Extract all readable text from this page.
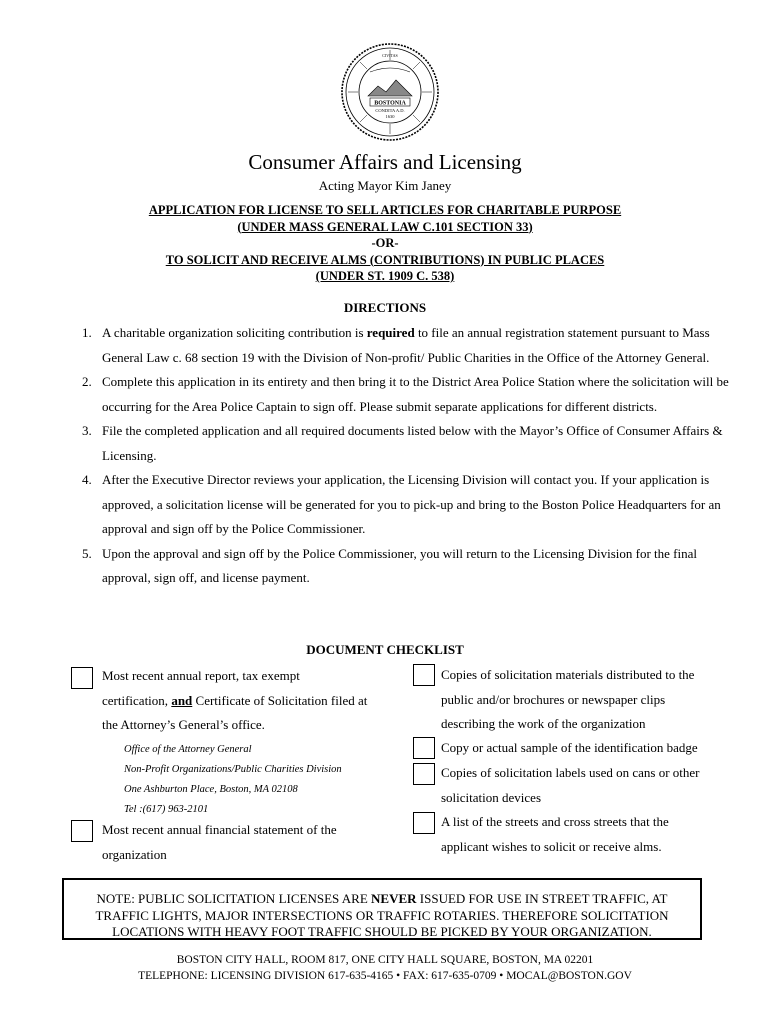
BOSTONIA
CONDITA A.D.
1630
CIVITAS
Consumer Affairs and Licensing
Acting Mayor Kim Janey
APPLICATION FOR LICENSE TO SELL ARTICLES FOR CHARITABLE PURPOSE
(UNDER MASS GENERAL LAW C.101 SECTION 33)
-OR-
TO SOLICIT AND RECEIVE ALMS (CONTRIBUTIONS) IN PUBLIC PLACES
(UNDER ST. 1909 C. 538)
DIRECTIONS
1. A charitable organization soliciting contribution is required to file an annual registration statement pursuant to Mass General Law c. 68 section 19 with the Division of Non-profit/ Public Charities in the Office of the Attorney General.
2. Complete this application in its entirety and then bring it to the District Area Police Station where the solicitation will be occurring for the Area Police Captain to sign off. Please submit separate applications for different districts.
3. File the completed application and all required documents listed below with the Mayor’s Office of Consumer Affairs & Licensing.
4. After the Executive Director reviews your application, the Licensing Division will contact you. If your application is approved, a solicitation license will be generated for you to pick-up and bring to the Boston Police Headquarters for an approval and sign off by the Police Commissioner.
5. Upon the approval and sign off by the Police Commissioner, you will return to the Licensing Division for the final approval, sign off, and license payment.
DOCUMENT CHECKLIST
Most recent annual report, tax exempt
certification, and Certificate of Solicitation filed at
the Attorney’s General’s office.
Office of the Attorney General
Non-Profit Organizations/Public Charities Division
One Ashburton Place, Boston, MA 02108
Tel :(617) 963-2101
Most recent annual financial statement of the
organization
Copies of solicitation materials distributed to the
public and/or brochures or newspaper clips
describing the work of the organization
Copy or actual sample of the identification badge
Copies of solicitation labels used on cans or other
solicitation devices
A list of the streets and cross streets that the
applicant wishes to solicit or receive alms.
NOTE: PUBLIC SOLICITATION LICENSES ARE NEVER ISSUED FOR USE IN STREET TRAFFIC, AT
TRAFFIC LIGHTS, MAJOR INTERSECTIONS OR TRAFFIC ROTARIES. THEREFORE SOLICITATION
LOCATIONS WITH HEAVY FOOT TRAFFIC SHOULD BE PICKED BY YOUR ORGANIZATION.
BOSTON CITY HALL, ROOM 817, ONE CITY HALL SQUARE, BOSTON, MA 02201
TELEPHONE: LICENSING DIVISION 617-635-4165 • FAX: 617-635-0709 • MOCAL@BOSTON.GOV
